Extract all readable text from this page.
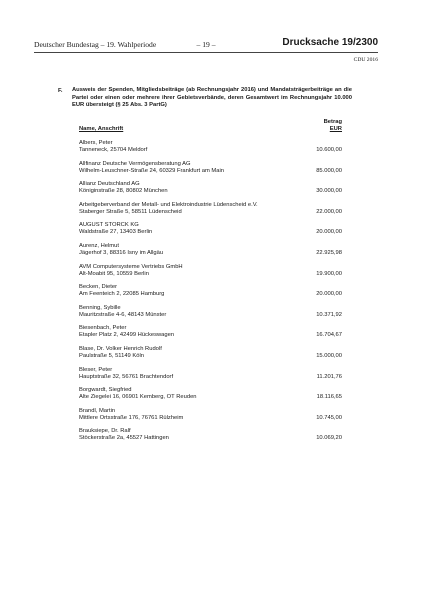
Deutscher Bundestag – 19. Wahlperiode	– 19 –	Drucksache 19/2300
CDU 2016
F. Ausweis der Spenden, Mitgliedsbeiträge (ab Rechnungsjahr 2016) und Mandatsträgerbeiträge an die Partei oder einen oder mehrere ihrer Gebietsverbände, deren Gesamtwert im Rechnungsjahr 10.000 EUR übersteigt (§ 25 Abs. 3 PartG)
Betrag
EUR
Name, Anschrift
Albers, Peter
Tanneneck, 25704 Meldorf	10.600,00
Allfinanz Deutsche Vermögensberatung AG
Wilhelm-Leuschner-Straße 24, 60329 Frankfurt am Main	85.000,00
Allianz Deutschland AG
Königinstraße 28, 80802 München	30.000,00
Arbeitgeberverband der Metall- und Elektroindustrie Lüdenscheid e.V.
Staberger Straße 5, 58511 Lüdenscheid	22.000,00
AUGUST STORCK KG
Waldstraße 27, 13403 Berlin	20.000,00
Aurenz, Helmut
Jägerhof 3, 88316 Isny im Allgäu	22.925,98
AVM Computersysteme Vertriebs GmbH
Alt-Moabit 95, 10559 Berlin	19.900,00
Becken, Dieter
Am Feenteich 2, 22085 Hamburg	20.000,00
Benning, Sybille
Mauritzstraße 4-6, 48143 Münster	10.371,92
Biesenbach, Peter
Etapler Platz 2, 42499 Hückeswagen	16.704,67
Blase, Dr. Volker Henrich Rudolf
Paulstraße 5, 51149 Köln	15.000,00
Bleser, Peter
Hauptstraße 32, 56761 Brachtendorf	11.201,76
Borgwardt, Siegfried
Alte Ziegelei 16, 06901 Kemberg, OT Reuden	18.116,65
Brandl, Martin
Mittlere Ortsstraße 176, 76761 Rülzheim	10.745,00
Brauksiepe, Dr. Ralf
Stöckerstraße 2a, 45527 Hattingen	10.069,20
